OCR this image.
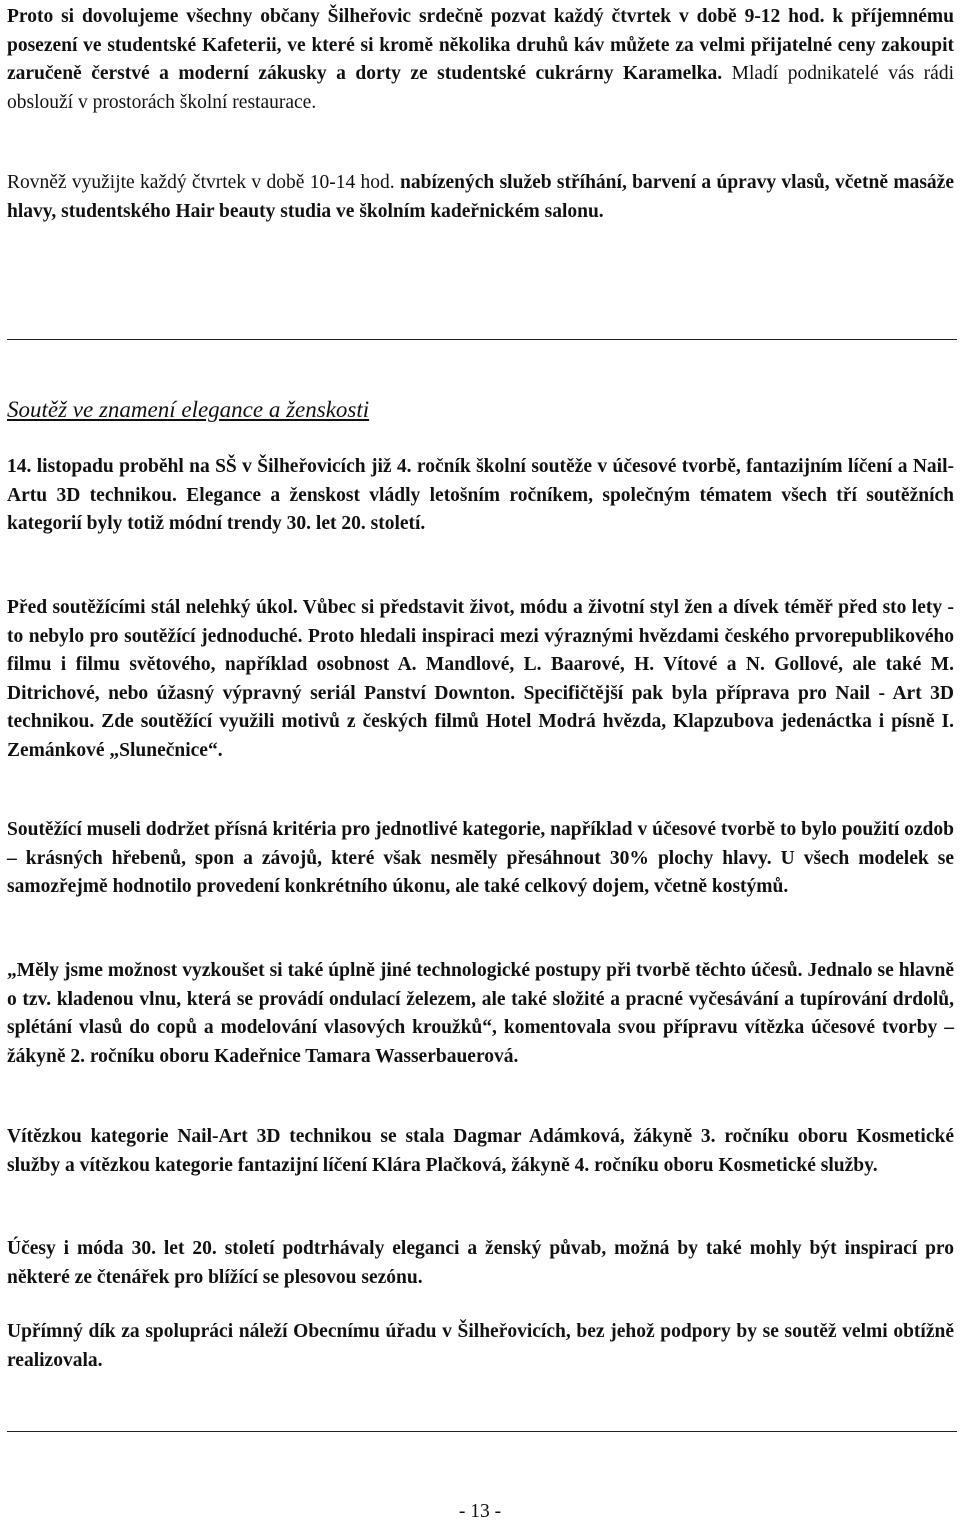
Proto si dovolujeme všechny občany Šilheřovic srdečně pozvat každý čtvrtek v době 9-12 hod. k příjemnému posezení ve studentské Kafeterii, ve které si kromě několika druhů káv můžete za velmi přijatelné ceny zakoupit zaručeně čerstvé a moderní zákusky a dorty ze studentské cukrárny Karamelka. Mladí podnikatelé vás rádi obslouží v prostorách školní restaurace.

Rovněž využijte každý čtvrtek v době 10-14 hod. nabízených služeb stříhání, barvení a úpravy vlasů, včetně masáže hlavy, studentského Hair beauty studia ve školním kadeřnickém salonu.

Soutěž ve znamení elegance a ženskosti

14. listopadu proběhl na SŠ v Šilheřovicích již 4. ročník školní soutěže v účesové tvorbě, fantazijním líčení a Nail- Artu 3D technikou. Elegance a ženskost vládly letošním ročníkem, společným tématem všech tří soutěžních kategorií byly totiž módní trendy 30. let 20. století.

Před soutěžícími stál nelehký úkol. Vůbec si představit život, módu a životní styl žen a dívek téměř před sto lety - to nebylo pro soutěžící jednoduché. Proto hledali inspiraci mezi výraznými hvězdami českého prvorepublikového filmu i filmu světového, například osobnost A. Mandlové, L. Baarové, H. Vítové a N. Gollové, ale také M. Ditrichové, nebo úžasný výpravný seriál Panství Downton. Specifičtější pak byla příprava pro Nail - Art 3D technikou. Zde soutěžící využili motivů z českých filmů Hotel Modrá hvězda, Klapzubova jedenáctka i písně I. Zemánkové „Slunečnice“.

Soutěžící museli dodržet přísná kritéria pro jednotlivé kategorie, například v účesové tvorbě to bylo použití ozdob – krásných hřebenů, spon a závojů, které však nesměly přesáhnout 30% plochy hlavy. U všech modelek se samozřejmě hodnotilo provedení konkrétního úkonu, ale také celkový dojem, včetně kostýmů.

„Měly jsme možnost vyzkoušet si také úplně jiné technologické postupy při tvorbě těchto účesů. Jednalo se hlavně o tzv. kladenou vlnu, která se provádí ondulací železem, ale také složité a pracné vyčesávání a tupírování drdolů, splétání vlasů do copů a modelování vlasových kroužků“, komentovala svou přípravu vítězka účesové tvorby – žákyně 2. ročníku oboru Kadeřnice Tamara Wasserbauerová.

Vítězkou kategorie Nail-Art 3D technikou se stala Dagmar Adámková, žákyně 3. ročníku oboru Kosmetické služby a vítězkou kategorie fantazijní líčení Klára Plačková, žákyně 4. ročníku oboru Kosmetické služby.

Účesy i móda 30. let 20. století podtrhávaly eleganci a ženský půvab, možná by také mohly být inspirací pro některé ze čtenářek pro blížící se plesovou sezónu.

Upřímný dík za spolupráci náleží Obecnímu úřadu v Šilheřovicích, bez jehož podpory by se soutěž velmi obtížně realizovala.

- 13 -
